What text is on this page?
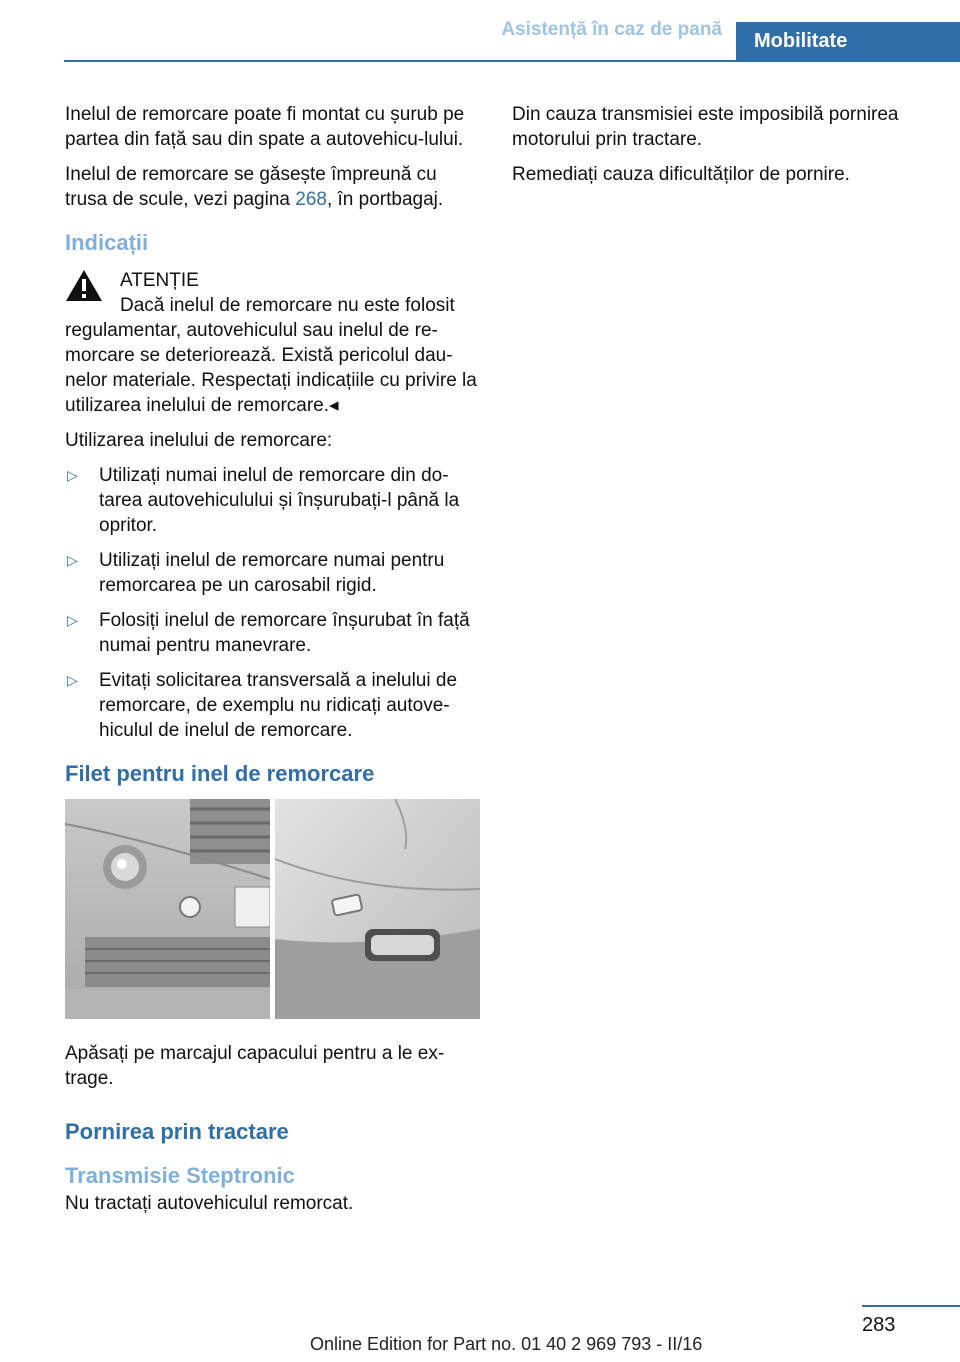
Asistență în caz de pană
Mobilitate

Inelul de remorcare poate fi montat cu șurub pe partea din față sau din spate a autovehicu-lului.

Inelul de remorcare se găsește împreună cu trusa de scule, vezi pagina 268, în portbagaj.

Indicații
ATENȚIE
Dacă inelul de remorcare nu este folosit regulamentar, autovehiculul sau inelul de re-morcare se deteriorează. Există pericolul dau-nelor materiale. Respectați indicațiile cu privire la utilizarea inelului de remorcare.◂

Utilizarea inelului de remorcare:

▷ Utilizați numai inelul de remorcare din do-tarea autovehiculului și înșurubați-l până la opritor.
▷ Utilizați inelul de remorcare numai pentru remorcarea pe un carosabil rigid.
▷ Folosiți inelul de remorcare înșurubat în față numai pentru manevrare.
▷ Evitați solicitarea transversală a inelului de remorcare, de exemplu nu ridicați autove-hiculul de inelul de remorcare.
Filet pentru inel de remorcare

Apăsați pe marcajul capacului pentru a le ex-trage.

Pornirea prin tractare
Transmisie Steptronic

Nu tractați autovehiculul remorcat.

Din cauza transmisiei este imposibilă pornirea motorului prin tractare.

Remediați cauza dificultăților de pornire.

283
Online Edition for Part no. 01 40 2 969 793 - II/16
